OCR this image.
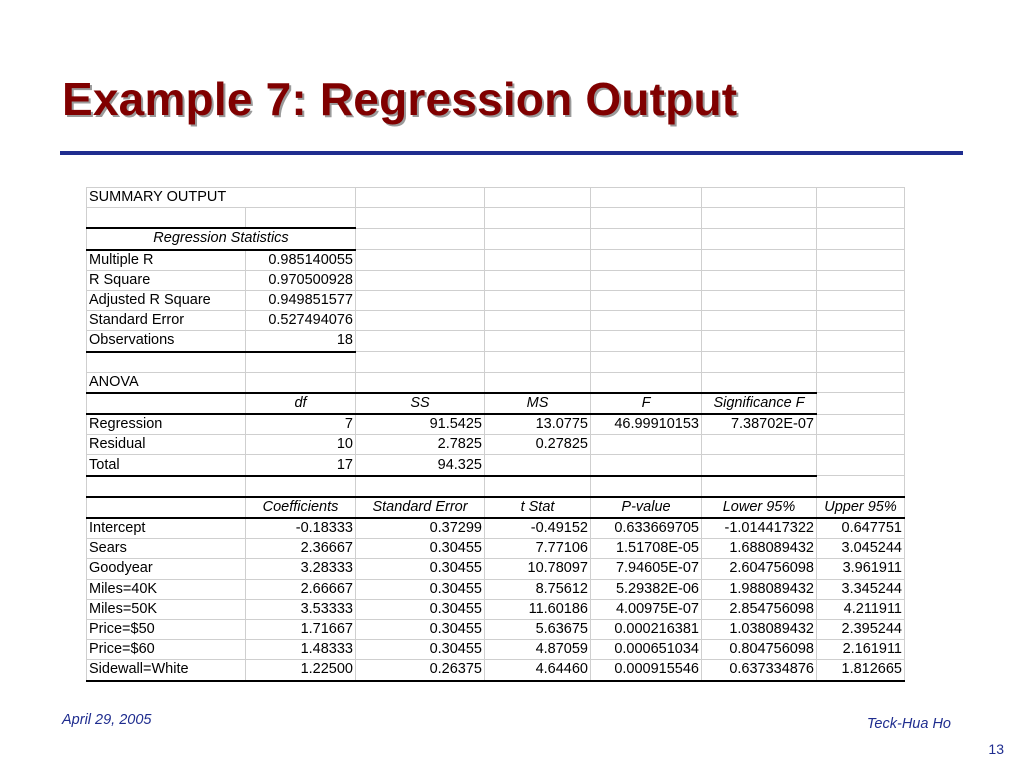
Example 7: Regression Output
SUMMARY OUTPUT						

Regression Statistics						
Multiple R	0.985140055					
R Square	0.970500928					
Adjusted R Square	0.949851577					
Standard Error	0.527494076					
Observations	18					

ANOVA						
	df	SS	MS	F	Significance F	
Regression	7	91.5425	13.0775	46.99910153	7.38702E-07	
Residual	10	2.7825	0.27825			
Total	17	94.325				

	Coefficients	Standard Error	t Stat	P-value	Lower 95%	Upper 95%
Intercept	-0.18333	0.37299	-0.49152	0.633669705	-1.014417322	0.647751
Sears	2.36667	0.30455	7.77106	1.51708E-05	1.688089432	3.045244
Goodyear	3.28333	0.30455	10.78097	7.94605E-07	2.604756098	3.961911
Miles=40K	2.66667	0.30455	8.75612	5.29382E-06	1.988089432	3.345244
Miles=50K	3.53333	0.30455	11.60186	4.00975E-07	2.854756098	4.211911
Price=$50	1.71667	0.30455	5.63675	0.000216381	1.038089432	2.395244
Price=$60	1.48333	0.30455	4.87059	0.000651034	0.804756098	2.161911
Sidewall=White	1.22500	0.26375	4.64460	0.000915546	0.637334876	1.812665
April 29, 2005	Teck-Hua Ho
13
